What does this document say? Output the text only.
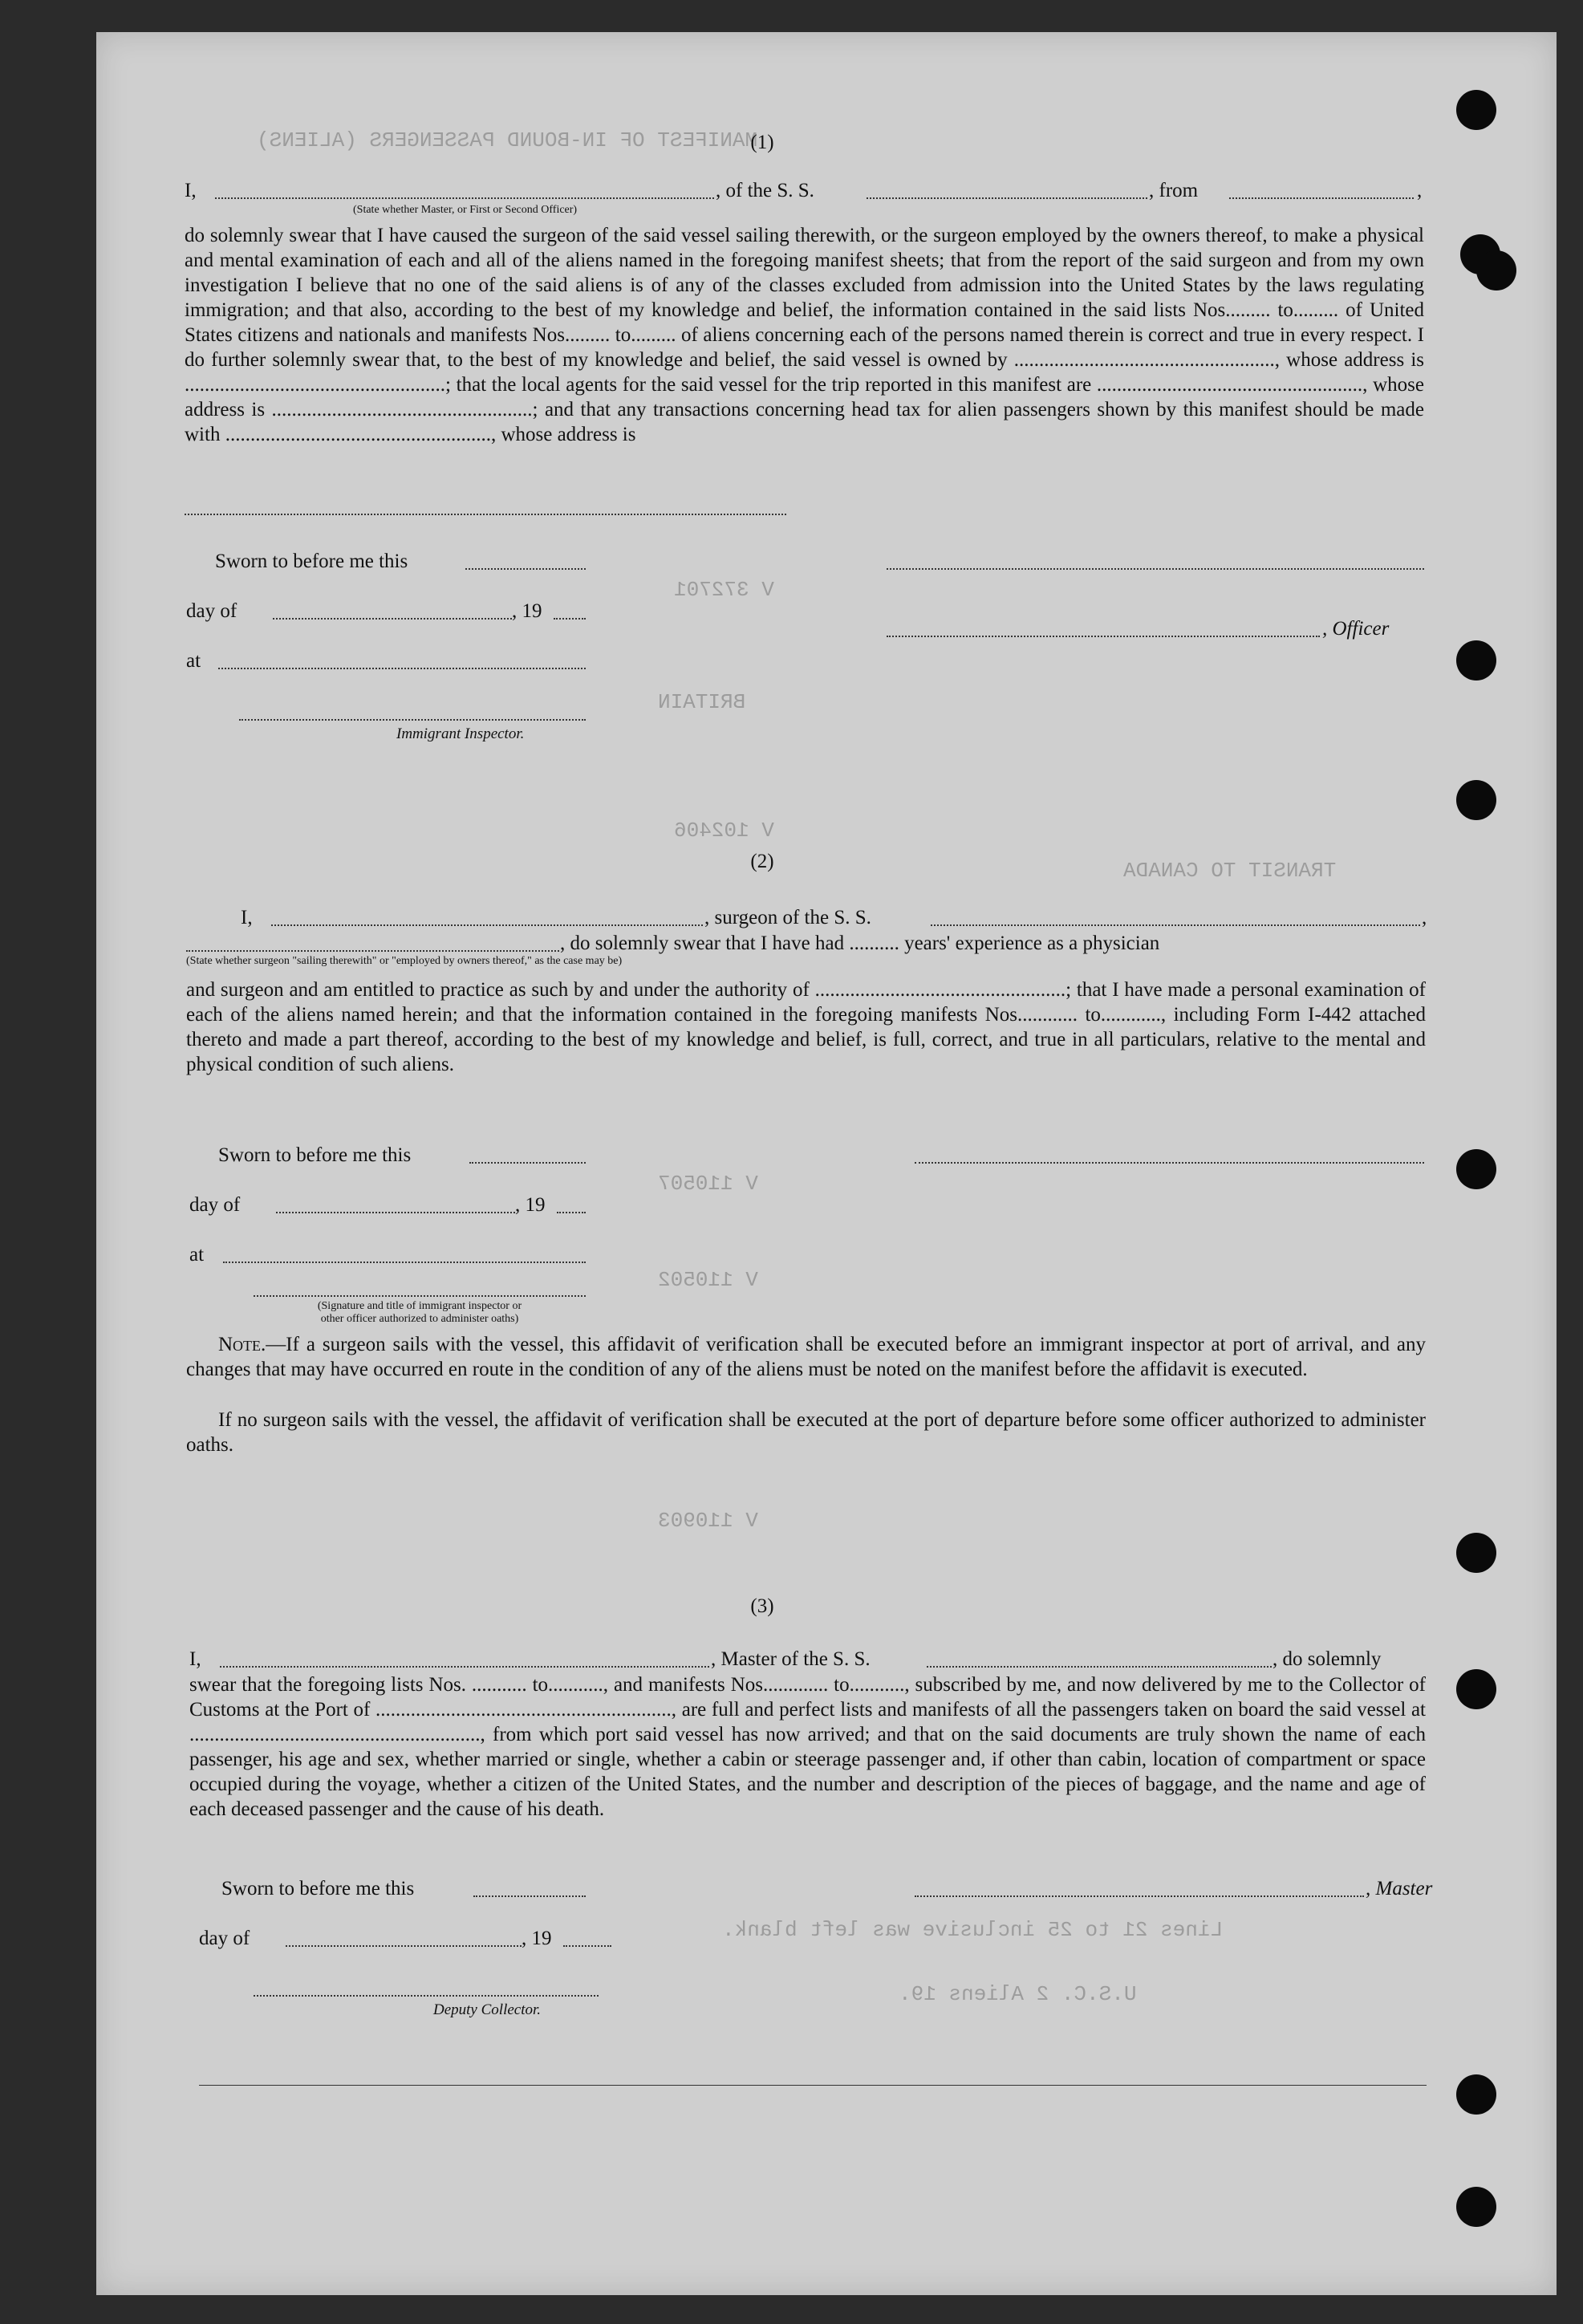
MANIFEST OF IN-BOUND PASSENGERS (ALIENS)
V 372701
BRITAIN
V 102406
TRANSIT TO CANADA
V 110507
V 110502
V 110903
Lines 21 to 25 inclusive was left blank.
U.S.C. 2 Aliens 19.
(1)
I,	, of the S. S.	, from	,
(State whether Master, or First or Second Officer)
do solemnly swear that I have caused the surgeon of the said vessel sailing therewith, or the surgeon employed by the owners thereof, to make a physical and mental examination of each and all of the aliens named in the foregoing manifest sheets; that from the report of the said surgeon and from my own investigation I believe that no one of the said aliens is of any of the classes excluded from admission into the United States by the laws regulating immigration; and that also, according to the best of my knowledge and belief, the information contained in the said lists Nos......... to......... of United States citizens and nationals and manifests Nos......... to......... of aliens concerning each of the persons named therein is correct and true in every respect. I do further solemnly swear that, to the best of my knowledge and belief, the said vessel is owned by ...................................................., whose address is ....................................................; that the local agents for the said vessel for the trip reported in this manifest are ....................................................., whose address is ....................................................; and that any transactions concerning head tax for alien passengers shown by this manifest should be made with ....................................................., whose address is
Sworn to before me this
day of	, 19
, Officer
at
Immigrant Inspector.
(2)
I,	, surgeon of the S. S.	,
, do solemnly swear that I have had .......... years' experience as a physician
(State whether surgeon "sailing therewith" or "employed by owners thereof," as the case may be)
and surgeon and am entitled to practice as such by and under the authority of ..................................................; that I have made a personal examination of each of the aliens named herein; and that the information contained in the foregoing manifests Nos............ to............, including Form I-442 attached thereto and made a part thereof, according to the best of my knowledge and belief, is full, correct, and true in all particulars, relative to the mental and physical condition of such aliens.
Sworn to before me this
day of	, 19
at
(Signature and title of immigrant inspector or
other officer authorized to administer oaths)
Note.—If a surgeon sails with the vessel, this affidavit of verification shall be executed before an immigrant inspector at port of arrival, and any changes that may have occurred en route in the condition of any of the aliens must be noted on the manifest before the affidavit is executed.
If no surgeon sails with the vessel, the affidavit of verification shall be executed at the port of departure before some officer authorized to administer oaths.
(3)
I,	, Master of the S. S.	, do solemnly
swear that the foregoing lists Nos. ........... to..........., and manifests Nos............. to..........., subscribed by me, and now delivered by me to the Collector of Customs at the Port of ..........................................................., are full and perfect lists and manifests of all the passengers taken on board the said vessel at .........................................................., from which port said vessel has now arrived; and that on the said documents are truly shown the name of each passenger, his age and sex, whether married or single, whether a cabin or steerage passenger and, if other than cabin, location of compartment or space occupied during the voyage, whether a citizen of the United States, and the number and description of the pieces of baggage, and the name and age of each deceased passenger and the cause of his death.
Sworn to before me this	, Master
day of	, 19
Deputy Collector.
